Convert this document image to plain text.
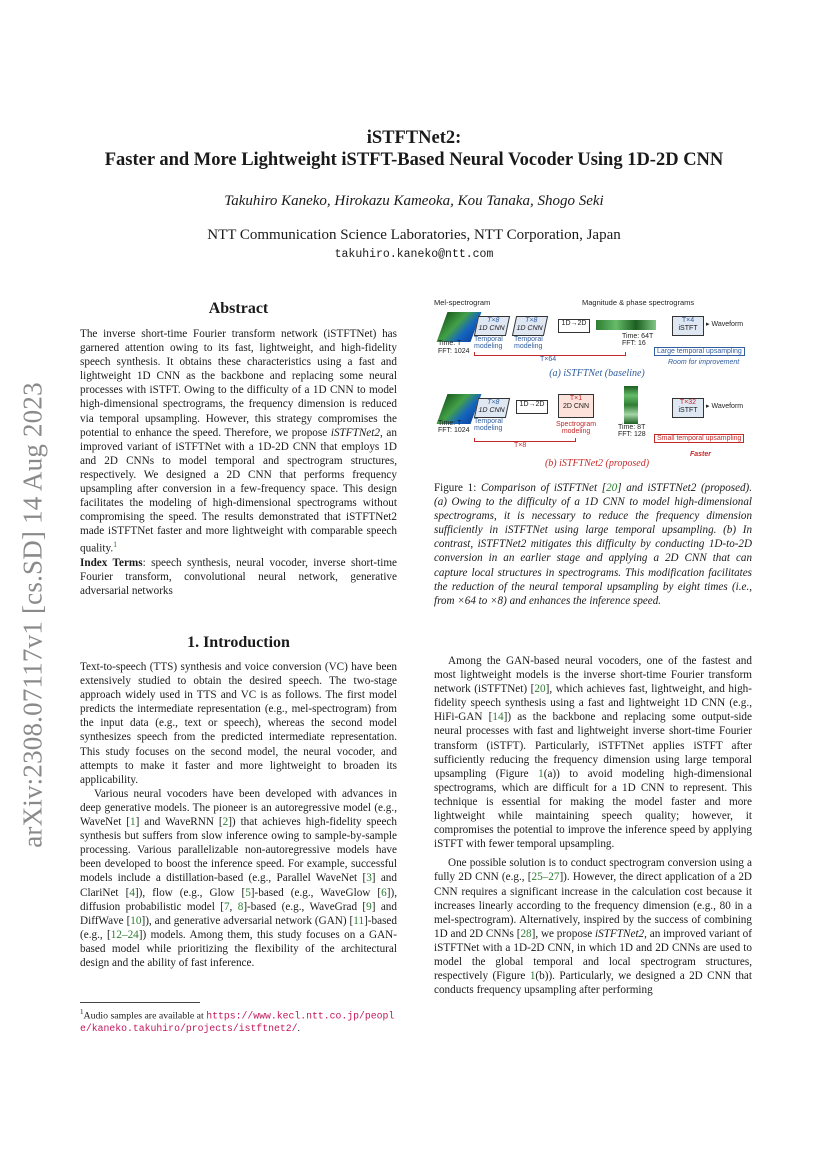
arXiv:2308.07117v1 [cs.SD] 14 Aug 2023
iSTFTNet2:
Faster and More Lightweight iSTFT-Based Neural Vocoder Using 1D-2D CNN
Takuhiro Kaneko, Hirokazu Kameoka, Kou Tanaka, Shogo Seki
NTT Communication Science Laboratories, NTT Corporation, Japan
takuhiro.kaneko@ntt.com
Abstract

The inverse short-time Fourier transform network (iSTFTNet) has garnered attention owing to its fast, lightweight, and high-fidelity speech synthesis. It obtains these characteristics using a fast and lightweight 1D CNN as the backbone and replacing some neural processes with iSTFT. Owing to the difficulty of a 1D CNN to model high-dimensional spectrograms, the frequency dimension is reduced via temporal upsampling. However, this strategy compromises the potential to enhance the speed. Therefore, we propose iSTFTNet2, an improved variant of iSTFTNet with a 1D-2D CNN that employs 1D and 2D CNNs to model temporal and spectrogram structures, respectively. We designed a 2D CNN that performs frequency upsampling after conversion in a few-frequency space. This design facilitates the modeling of high-dimensional spectrograms without compromising the speed. The results demonstrated that iSTFTNet2 made iSTFTNet faster and more lightweight with comparable speech quality.$^1$

Index Terms: speech synthesis, neural vocoder, inverse short-time Fourier transform, convolutional neural network, generative adversarial networks

1. Introduction

Text-to-speech (TTS) synthesis and voice conversion (VC) have been extensively studied to obtain the desired speech. The two-stage approach widely used in TTS and VC is as follows. The first model predicts the intermediate representation (e.g., mel-spectrogram) from the input data (e.g., text or speech), whereas the second model synthesizes speech from the predicted intermediate representation. This study focuses on the second model, the neural vocoder, and attempts to make it faster and more lightweight to broaden its applicability.

Various neural vocoders have been developed with advances in deep generative models. The pioneer is an autoregressive model (e.g., WaveNet [1] and WaveRNN [2]) that achieves high-fidelity speech synthesis but suffers from slow inference owing to sample-by-sample processing. Various parallelizable non-autoregressive models have been developed to boost the inference speed. For example, successful models include a distillation-based (e.g., Parallel WaveNet [3] and ClariNet [4]), flow (e.g., Glow [5]-based (e.g., WaveGlow [6]), diffusion probabilistic model [7, 8]-based (e.g., WaveGrad [9] and DiffWave [10]), and generative adversarial network (GAN) [11]-based (e.g., [12–24]) models. Among them, this study focuses on a GAN-based model while prioritizing the flexibility of the architectural design and the ability of fast inference.

$^1$Audio samples are available at https://www.kecl.ntt.co.jp/people/kaneko.takuhiro/projects/istftnet2/.
Mel-spectrogram	Magnitude & phase spectrograms
T×8
1D CNN
T×8
1D CNN
1D→2D	T×4
iSTFT
▸ Waveform
Temporal
modeling
Temporal
modeling
Time: T
FFT: 1024
Time: 64T
FFT: 16
T×64
Large temporal upsampling
Room for improvement
(a) iSTFTNet (baseline)
T×8
1D CNN
1D→2D
T×1
2D CNN
T×32
iSTFT
▸ Waveform
Temporal
modeling
Spectrogram
modeling
Time: T
FFT: 1024	Time: 8T
FFT: 128
T×8
Small temporal upsampling
Faster
(b) iSTFTNet2 (proposed)
Figure 1: Comparison of iSTFTNet [20] and iSTFTNet2 (proposed). (a) Owing to the difficulty of a 1D CNN to model high-dimensional spectrograms, it is necessary to reduce the frequency dimension sufficiently in iSTFTNet using large temporal upsampling. (b) In contrast, iSTFTNet2 mitigates this difficulty by conducting 1D-to-2D conversion in an earlier stage and applying a 2D CNN that can capture local structures in spectrograms. This modification facilitates the reduction of the neural temporal upsampling by eight times (i.e., from ×64 to ×8) and enhances the inference speed.

Among the GAN-based neural vocoders, one of the fastest and most lightweight models is the inverse short-time Fourier transform network (iSTFTNet) [20], which achieves fast, lightweight, and high-fidelity speech synthesis using a fast and lightweight 1D CNN (e.g., HiFi-GAN [14]) as the backbone and replacing some output-side neural processes with fast and lightweight inverse short-time Fourier transform (iSTFT). Particularly, iSTFTNet applies iSTFT after sufficiently reducing the frequency dimension using large temporal upsampling (Figure 1(a)) to avoid modeling high-dimensional spectrograms, which are difficult for a 1D CNN to represent. This technique is essential for making the model faster and more lightweight while maintaining speech quality; however, it compromises the potential to improve the inference speed by applying iSTFT with fewer temporal upsampling.

One possible solution is to conduct spectrogram conversion using a fully 2D CNN (e.g., [25–27]). However, the direct application of a 2D CNN requires a significant increase in the calculation cost because it increases linearly according to the frequency dimension (e.g., 80 in a mel-spectrogram). Alternatively, inspired by the success of combining 1D and 2D CNNs [28], we propose iSTFTNet2, an improved variant of iSTFTNet with a 1D-2D CNN, in which 1D and 2D CNNs are used to model the global temporal and local spectrogram structures, respectively (Figure 1(b)). Particularly, we designed a 2D CNN that conducts frequency upsampling after performing
